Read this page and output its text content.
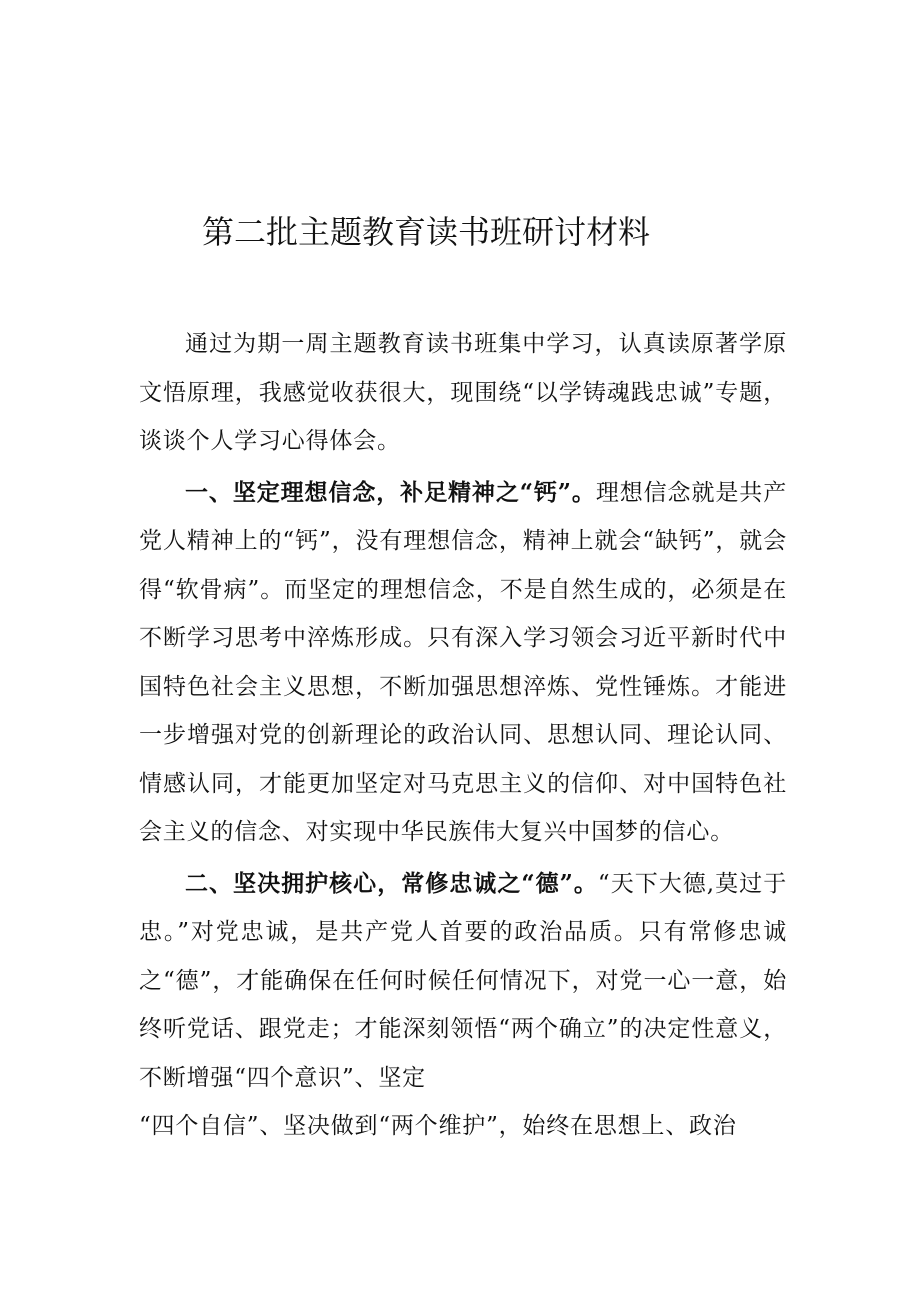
第二批主题教育读书班研讨材料

通过为期一周主题教育读书班集中学习，认真读原著学原文悟原理，我感觉收获很大，现围绕“以学铸魂践忠诚”专题，谈谈个人学习心得体会。

一、坚定理想信念，补足精神之“钙”。理想信念就是共产党人精神上的“钙”，没有理想信念，精神上就会“缺钙”，就会得“软骨病”。而坚定的理想信念，不是自然生成的，必须是在不断学习思考中淬炼形成。只有深入学习领会习近平新时代中国特色社会主义思想，不断加强思想淬炼、党性锤炼。才能进一步增强对党的创新理论的政治认同、思想认同、理论认同、情感认同，才能更加坚定对马克思主义的信仰、对中国特色社会主义的信念、对实现中华民族伟大复兴中国梦的信心。

二、坚决拥护核心，常修忠诚之“德”。“天下大德,莫过于忠。”对党忠诚，是共产党人首要的政治品质。只有常修忠诚之“德”，才能确保在任何时候任何情况下，对党一心一意，始终听党话、跟党走；才能深刻领悟“两个确立”的决定性意义，不断增强“四个意识”、坚定

“四个自信”、坚决做到“两个维护”，始终在思想上、政治
